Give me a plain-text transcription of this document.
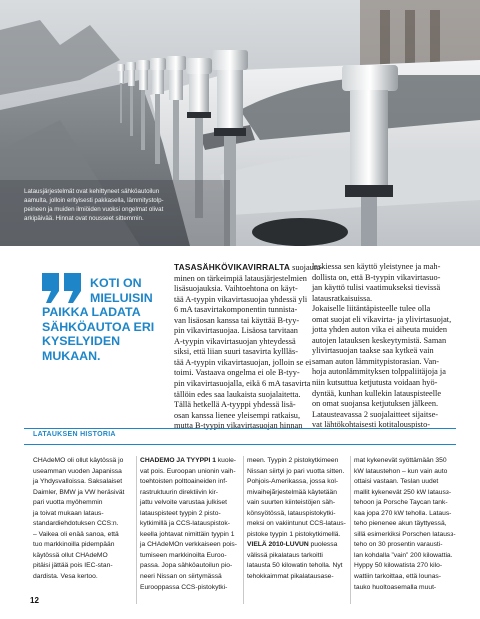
Latausjärjestelmät ovat kehittyneet sähköautoilun
aamulta, jolloin erityisesti pakkasella, lämmitystolp-
peineen ja muiden ilmiöiden vuoksi ongelmat olivat
arkipäivää. Hinnat ovat nousseet sittemmin.
KOTI ON
MIELUISIN
PAIKKA LADATA
SÄHKÖAUTOA ERI
KYSELYIDEN MUKAAN.
TASASÄHKÖVIKAVIRRALTA suojautu-
minen on tärkeimpiä latausjärjestelmien
lisäsuojauksia. Vaihtoehtona on käyt-
tää A-tyypin vikavirtasuojaa yhdessä yli
6 mA tasavirtakomponentin tunnista-
van lisäosan kanssa tai käyttää B-tyy-
pin vikavirtasuojaa. Lisäosa tarvitaan
A-tyypin vikavirtasuojan yhteydessä
siksi, että liian suuri tasavirta kyllläs-
tää A-tyypin vikavirtasuojan, jolloin se ei
toimi. Vastaava ongelma ei ole B-tyy-
pin vikavirtasuojalla, eikä 6 mA tasavirta
tällöin edes saa laukaista suojalaitetta.
Tällä hetkellä A-tyyppi yhdessä lisä-
osan kanssa lienee yleisempi ratkaisu,
mutta B-tyypin vikavirtasuojan hinnan
laskiessa sen käyttö yleistynee ja mah-
dollista on, että B-tyypin vikavirtasuo-
jan käyttö tulisi vaatimukseksi tievissä
latausratkaisuissa.
Jokaiselle liitäntäpisteelle tulee olla
omat suojat eli vikavirta- ja ylivirtasuojat,
jotta yhden auton vika ei aiheuta muiden
autojen latauksen keskeytymistä. Saman
ylivirtasuojan taakse saa kytkeä vain
saman auton lämmitypistorasian. Van-
hoja autonlämmityksen tolppaliitäjoja ja
niin kutsuttua ketjutusta voidaan hyö-
dyntää, kunhan kullekin latauspisteelle
on omat suojansa ketjutuksen jälkeen.
Latausteavassa 2 suojalaitteet sijaitse-
vat lähtökohtaisesti kotitalouspisto-
LATAUKSEN HISTORIA
CHAdeMO oli ollut käytössä jo
useamman vuoden Japanissa
ja Yhdysvalloissa. Saksalaiset
Daimler, BMW ja VW heräsivät
pari vuotta myöhemmin
ja toivat mukaan lataus-
standardiehdotuksen CCS:n.
– Vaikea oli enää sanoa, että
tuo markkinoilla pidempään
käytössä ollut CHAdeMO
pitäisi jättää pois IEC-stan-
dardista. Vesa kertoo.
CHADEMO JA TYYPPI 1 kuole-
vat pois. Euroopan unionin vaih-
toehtoisten polttoaineiden inf-
rastruktuurin direktiivin kir-
jattu velvoite varustaa julkiset
latauspisteet tyypin 2 pisto-
kytkimillä ja CCS-latauspistok-
keella johtavat nimittäin tyypin 1
ja CHAdeMOn verkkaiseen pois-
tumiseen markkinoilta Euroo-
passa. Jopa sähköautoilun pio-
neeri Nissan on siirtymässä
Eurooppassa CCS-pistokytki-
meen. Tyypin 2 pistokytkimeen
Nissan siirtyi jo pari vuotta sitten.
Pohjois-Amerikassa, jossa kol-
mivaiheja̋rjestelmää käytetään
vain suurten kiinteistöjen säh-
könsyötössä, latauspistokytki-
meksi on vakiintunut CCS-lataus-
pistoke tyypin 1 pistokytkimellä.
VIELÄ 2010-LUVUN puolessa
välissä pikalataus tarkoitti
latausta 50 kilowatin teholla. Nyt
tehokkaimmat pikalatausase-
mat kykenevät syöttämään 350
kW lataustehon – kun vain auto
ottaisi vastaan. Teslan uudet
mallit kykenevät 250 kW latausз-
tehoon ja Porsche Taycan tank-
kaa jopa 270 kW teholla. Lataus-
teho pienenee akun täyttyessä,
sillä esimerkiksi Porschen latausз-
teho on 30 prosentin varausti-
lan kohdalla ”vain” 200 kilowattia.
Hyppy 50 kilowatista 270 kilo-
wattiin tarkoittaa, että lounas-
tauko huoltoasemalla muut-
12
